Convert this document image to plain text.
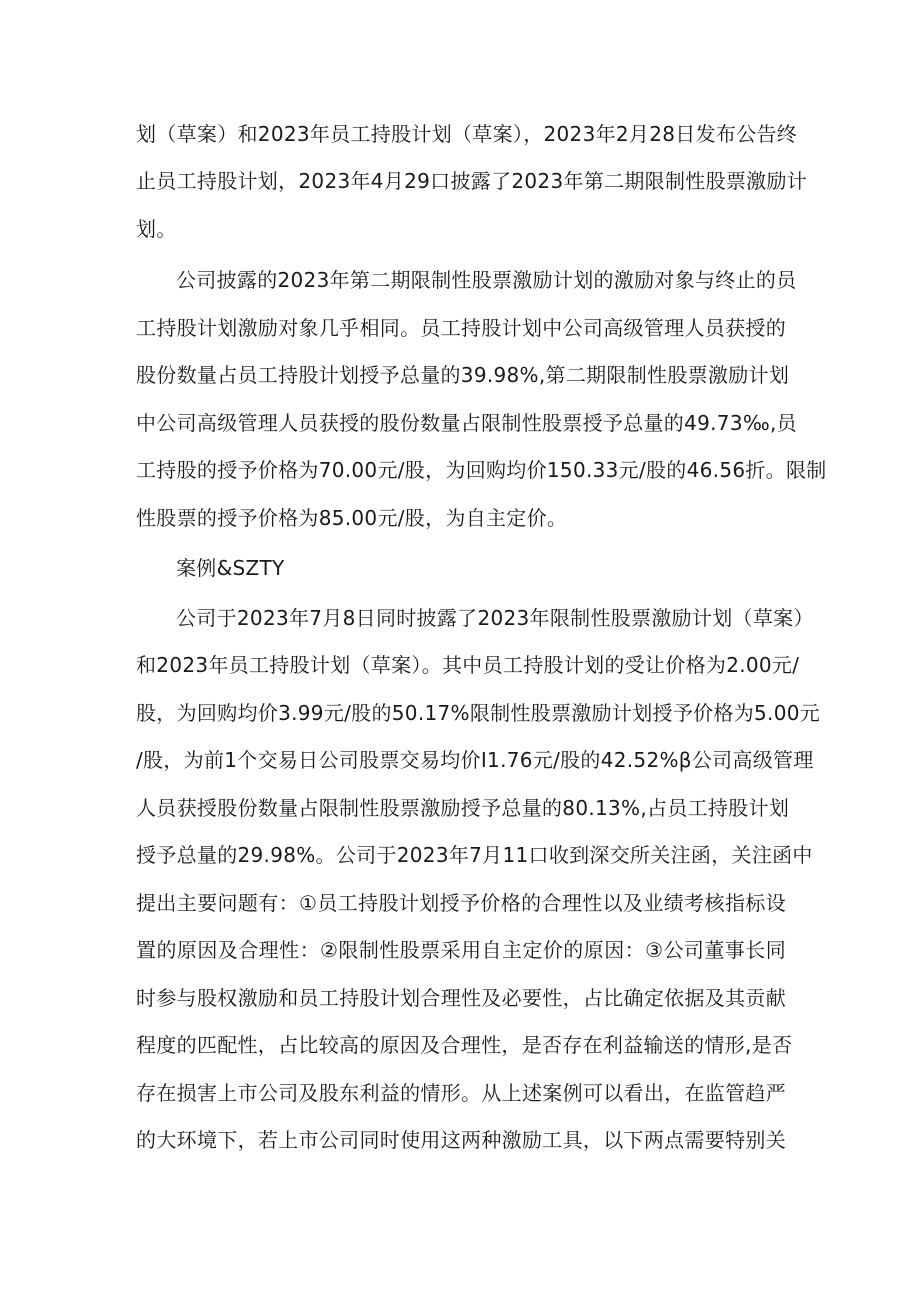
划（草案）和2023年员工持股计划（草案），2023年2月28日发布公告终
止员工持股计划，2023年4月29口披露了2023年第二期限制性股票激励计
划。
公司披露的2023年第二期限制性股票激励计划的激励对象与终止的员
工持股计划激励对象几乎相同。员工持股计划中公司高级管理人员获授的
股份数量占员工持股计划授予总量的39.98%,第二期限制性股票激励计划
中公司高级管理人员获授的股份数量占限制性股票授予总量的49.73‰,员
工持股的授予价格为70.00元/股，为回购均价150.33元/股的46.56折。限制
性股票的授予价格为85.00元/股，为自主定价。
案例&SZTY
公司于2023年7月8日同时披露了2023年限制性股票激励计划（草案）
和2023年员工持股计划（草案）。其中员工持股计划的受让价格为2.00元/
股，为回购均价3.99元/股的50.17%限制性股票激励计划授予价格为5.00元
/股，为前1个交易日公司股票交易均价I1.76元/股的42.52%β公司高级管理
人员获授股份数量占限制性股票激励授予总量的80.13%,占员工持股计划
授予总量的29.98%。公司于2023年7月11口收到深交所关注函，关注函中
提出主要问题有：①员工持股计划授予价格的合理性以及业绩考核指标设
置的原因及合理性：②限制性股票采用自主定价的原因：③公司董事长同
时参与股权激励和员工持股计划合理性及必要性，占比确定依据及其贡献
程度的匹配性，占比较高的原因及合理性，是否存在利益输送的情形,是否
存在损害上市公司及股东利益的情形。从上述案例可以看出，在监管趋严
的大环境下，若上市公司同时使用这两种激励工具，以下两点需要特别关
